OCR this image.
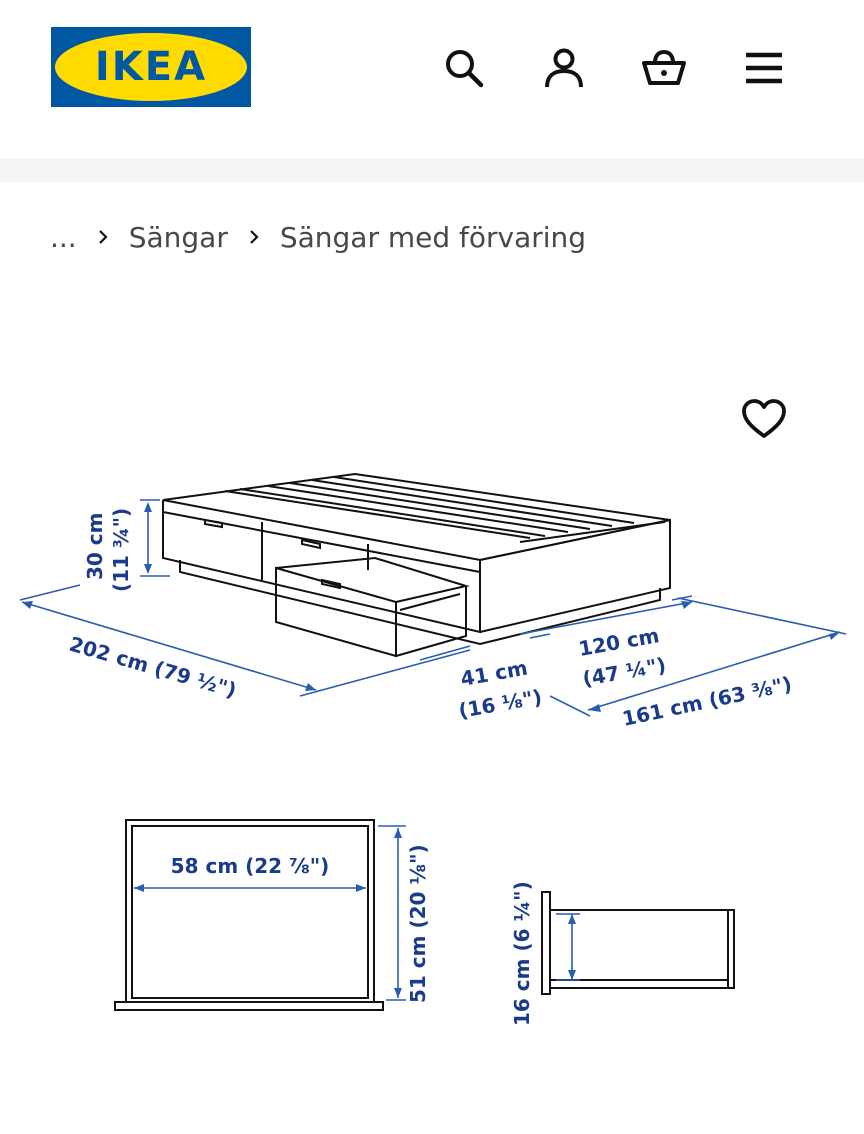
IKEA
... Sängar Sängar med förvaring
30 cm (11 ¾")
202 cm (79 ½")	41 cm
(16 ⅛")
120 cm
(47 ¼")
161 cm (63 ⅜")
58 cm (22 ⅞")	51 cm (20 ⅛")	16 cm (6 ¼")
